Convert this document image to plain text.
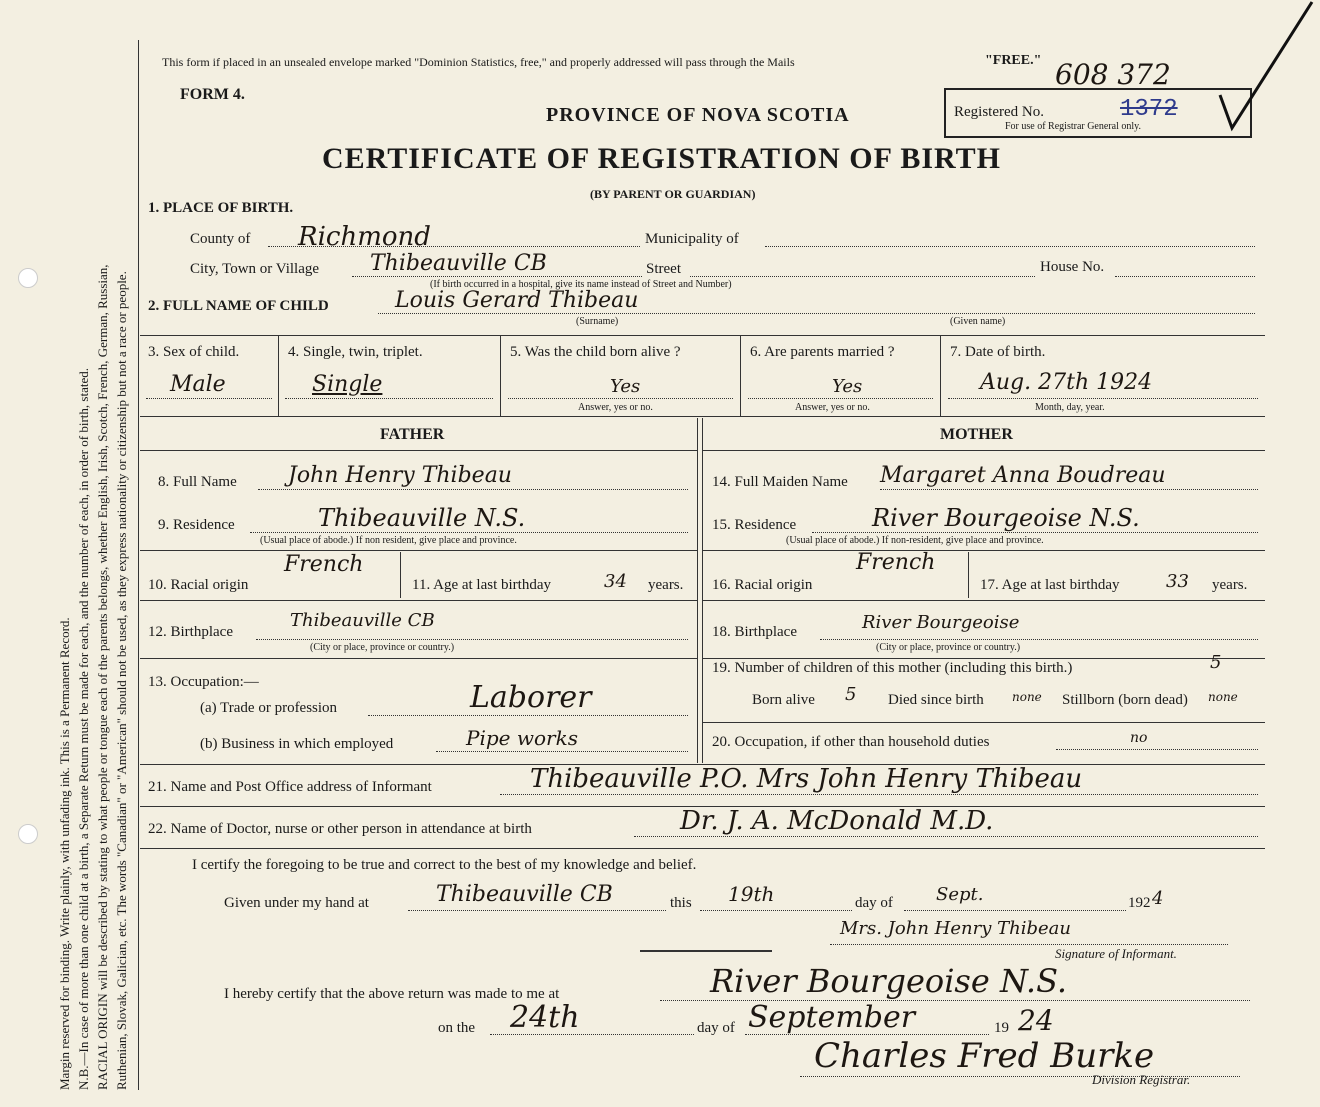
Margin reserved for binding. Write plainly, with unfading ink. This is a Permanent Record. N.B.—In case of more than one child at a birth, a Separate Return must be made for each, and the number of each, in order of birth, stated. RACIAL ORIGIN will be described by stating to what people or tongue each of the parents belongs, whether English, Irish, Scotch, French, German, Russian, Ruthenian, Slovak, Galician, etc. The words "Canadian" or "American" should not be used, as they express nationality or citizenship but not a race or people.
This form if placed in an unsealed envelope marked "Dominion Statistics, free," and properly addressed will pass through the Mails	"FREE." 608 372
FORM 4.
PROVINCE OF NOVA SCOTIA
CERTIFICATE OF REGISTRATION OF BIRTH
(BY PARENT OR GUARDIAN)
Registered No.	1372
For use of Registrar General only.
1. PLACE OF BIRTH.
County of Richmond	Municipality of
City, Town or Village Thibeauville CB	Street	House No.
(If birth occurred in a hospital, give its name instead of Street and Number)
2. FULL NAME OF CHILD	Louis Gerard Thibeau
(Surname)	(Given name)
3. Sex of child.
Male
4. Single, twin, triplet.
Single
5. Was the child born alive ?
Yes
Answer, yes or no.
6. Are parents married ?
Yes
Answer, yes or no.
7. Date of birth.
Aug. 27th 1924
Month, day, year.
FATHER	MOTHER
8. Full Name John Henry Thibeau
9. Residence	Thibeauville N.S.
(Usual place of abode.) If non resident, give place and province.
10. Racial origin
French
11. Age at last birthday	34 years.
12. Birthplace
Thibeauville CB
(City or place, province or country.)
13. Occupation:—
(a) Trade or profession	Laborer
(b) Business in which employed	Pipe works
14. Full Maiden Name Margaret Anna Boudreau
15. Residence	River Bourgeoise N.S.
(Usual place of abode.) If non-resident, give place and province.
16. Racial origin
French
17. Age at last birthday	33 years.
18. Birthplace	River Bourgeoise
(City or place, province or country.)
19. Number of children of this mother (including this birth.)	5
Born alive 5 Died since birth none Stillborn (born dead) none
20. Occupation, if other than household duties	no
21. Name and Post Office address of Informant	Thibeauville P.O. Mrs John Henry Thibeau
22. Name of Doctor, nurse or other person in attendance at birth	Dr. J. A. McDonald M.D.
I certify the foregoing to be true and correct to the best of my knowledge and belief.
Given under my hand at	Thibeauville CB	this 19th	day of Sept.	192 4
Mrs. John Henry Thibeau
Signature of Informant.
I hereby certify that the above return was made to me at	River Bourgeoise N.S.
on the 24th	day of September	19 24
Charles Fred Burke
Division Registrar.
